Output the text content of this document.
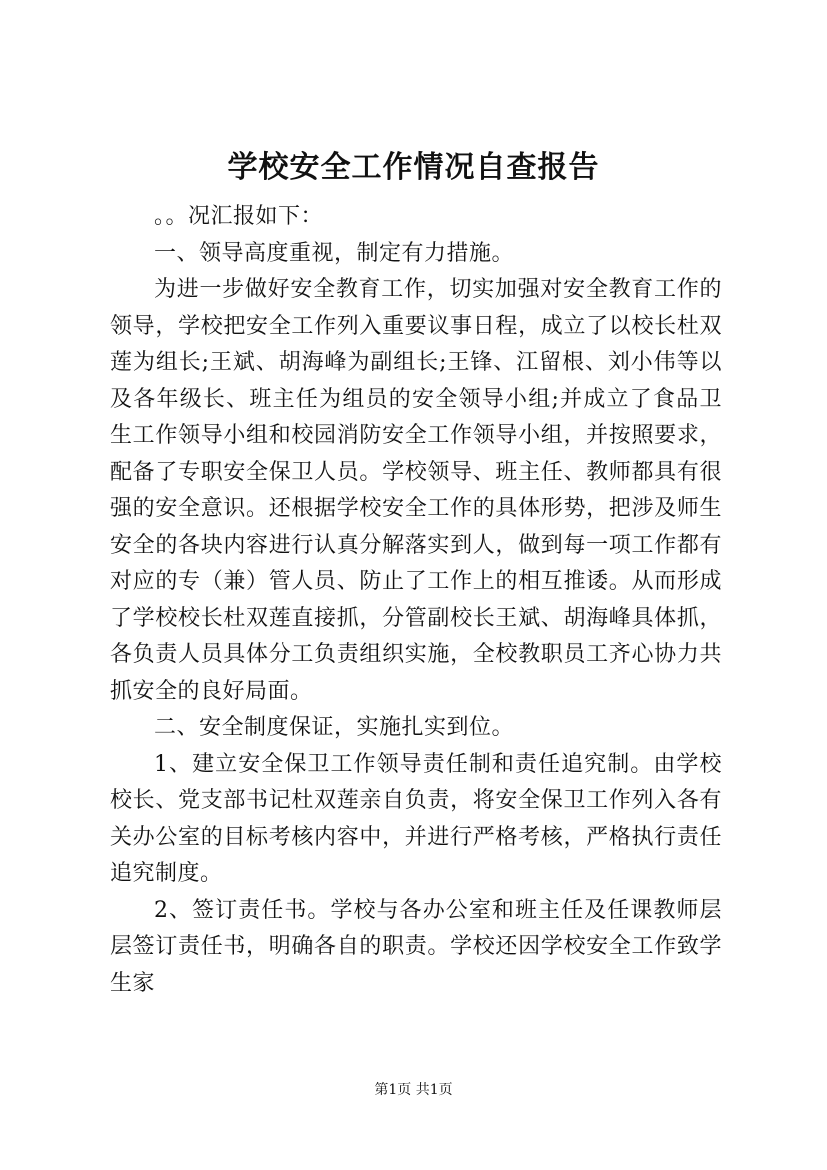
学校安全工作情况自查报告

。。况汇报如下：

一、领导高度重视，制定有力措施。

为进一步做好安全教育工作，切实加强对安全教育工作的领导，学校把安全工作列入重要议事日程，成立了以校长杜双莲为组长;王斌、胡海峰为副组长;王锋、江留根、刘小伟等以及各年级长、班主任为组员的安全领导小组;并成立了食品卫生工作领导小组和校园消防安全工作领导小组，并按照要求，配备了专职安全保卫人员。学校领导、班主任、教师都具有很强的安全意识。还根据学校安全工作的具体形势，把涉及师生安全的各块内容进行认真分解落实到人，做到每一项工作都有对应的专（兼）管人员、防止了工作上的相互推诿。从而形成了学校校长杜双莲直接抓，分管副校长王斌、胡海峰具体抓，各负责人员具体分工负责组织实施，全校教职员工齐心协力共抓安全的良好局面。

二、安全制度保证，实施扎实到位。

1、建立安全保卫工作领导责任制和责任追究制。由学校校长、党支部书记杜双莲亲自负责，将安全保卫工作列入各有关办公室的目标考核内容中，并进行严格考核，严格执行责任追究制度。

2、签订责任书。学校与各办公室和班主任及任课教师层层签订责任书，明确各自的职责。学校还因学校安全工作致学生家

第1页 共1页
